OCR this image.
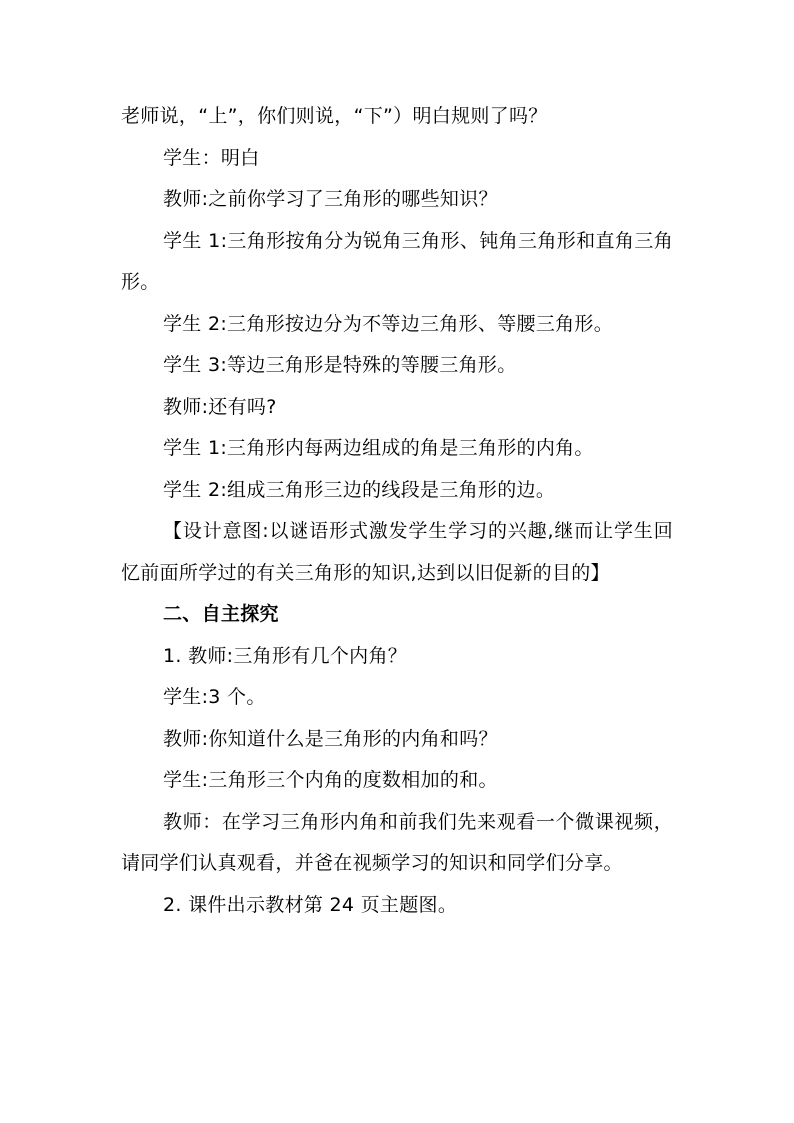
老师说，“上”，你们则说，“下”）明白规则了吗？

学生：明白

教师:之前你学习了三角形的哪些知识？

学生 1:三角形按角分为锐角三角形、钝角三角形和直角三角形。

学生 2:三角形按边分为不等边三角形、等腰三角形。

学生 3:等边三角形是特殊的等腰三角形。

教师:还有吗?

学生 1:三角形内每两边组成的角是三角形的内角。

学生 2:组成三角形三边的线段是三角形的边。

【设计意图:以谜语形式激发学生学习的兴趣,继而让学生回忆前面所学过的有关三角形的知识,达到以旧促新的目的】

二、自主探究

1. 教师:三角形有几个内角？

学生:3 个。

教师:你知道什么是三角形的内角和吗？

学生:三角形三个内角的度数相加的和。

教师：在学习三角形内角和前我们先来观看一个微课视频，请同学们认真观看，并爸在视频学习的知识和同学们分享。

2. 课件出示教材第 24 页主题图。
